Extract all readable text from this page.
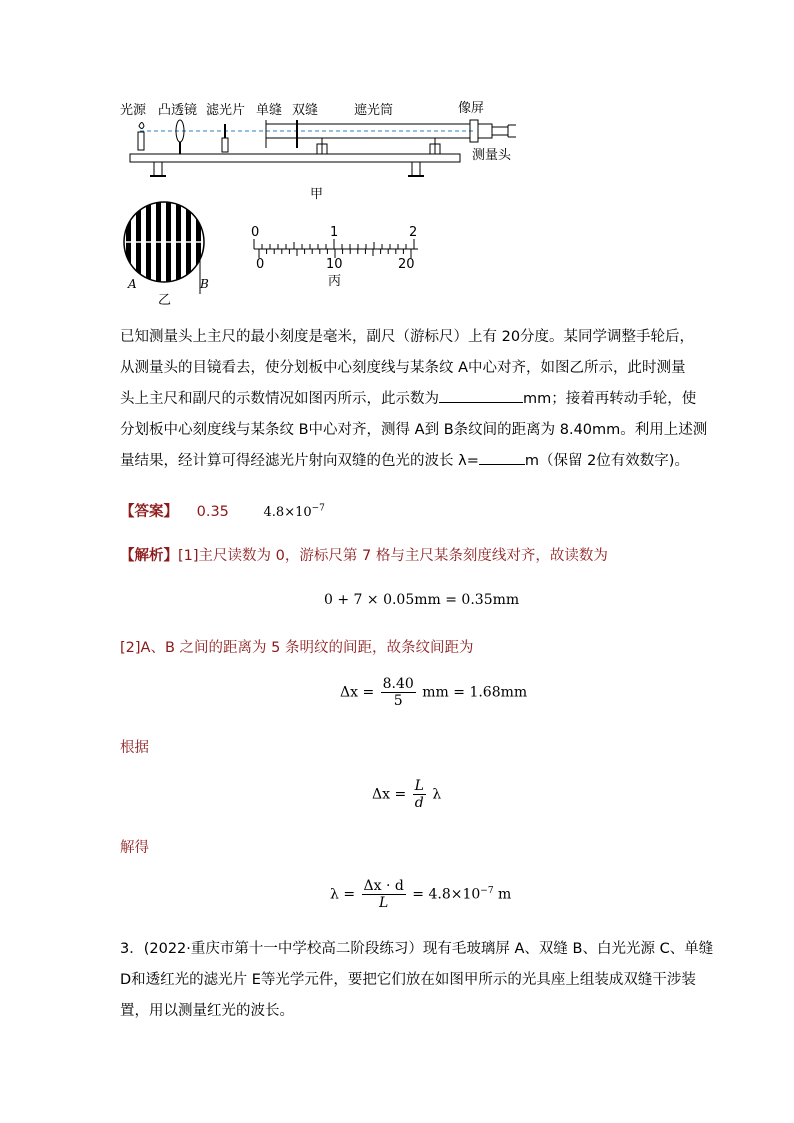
光源 凸透镜 滤光片 单缝 双缝	遮光筒	像屏
测量头
甲
A	B
乙
0	1	2
0	10	20
丙
已知测量头上主尺的最小刻度是毫米，副尺（游标尺）上有 20分度。某同学调整手轮后，
从测量头的目镜看去，使分划板中心刻度线与某条纹 A中心对齐，如图乙所示，此时测量
头上主尺和副尺的示数情况如图丙所示，此示数为	mm；接着再转动手轮，使
分划板中心刻度线与某条纹 B中心对齐，测得 A到 B条纹间的距离为 8.40mm。利用上述测
量结果，经计算可得经滤光片射向双缝的色光的波长 λ=	m（保留 2位有效数字)。
【答案】 0.35	$4.8\times 10^{-7}$
【解析】[1]主尺读数为 0，游标尺第 7 格与主尺某条刻度线对齐，故读数为
0 + 7 × 0.05mm = 0.35mm
[2]A、B 之间的距离为 5 条明纹的间距，故条纹间距为
$\Delta x = \frac{8.40}{5}$ mm = 1.68mm
根据
$\Delta x = \frac{L}{d}$ λ
解得
$\lambda = \frac{\Delta x \cdot d}{L} = 4.8\times 10^{-7}$ m
3．(2022·重庆市第十一中学校高二阶段练习）现有毛玻璃屏 A、双缝 B、白光光源 C、单缝
D和透红光的滤光片 E等光学元件，要把它们放在如图甲所示的光具座上组装成双缝干涉装
置，用以测量红光的波长。
